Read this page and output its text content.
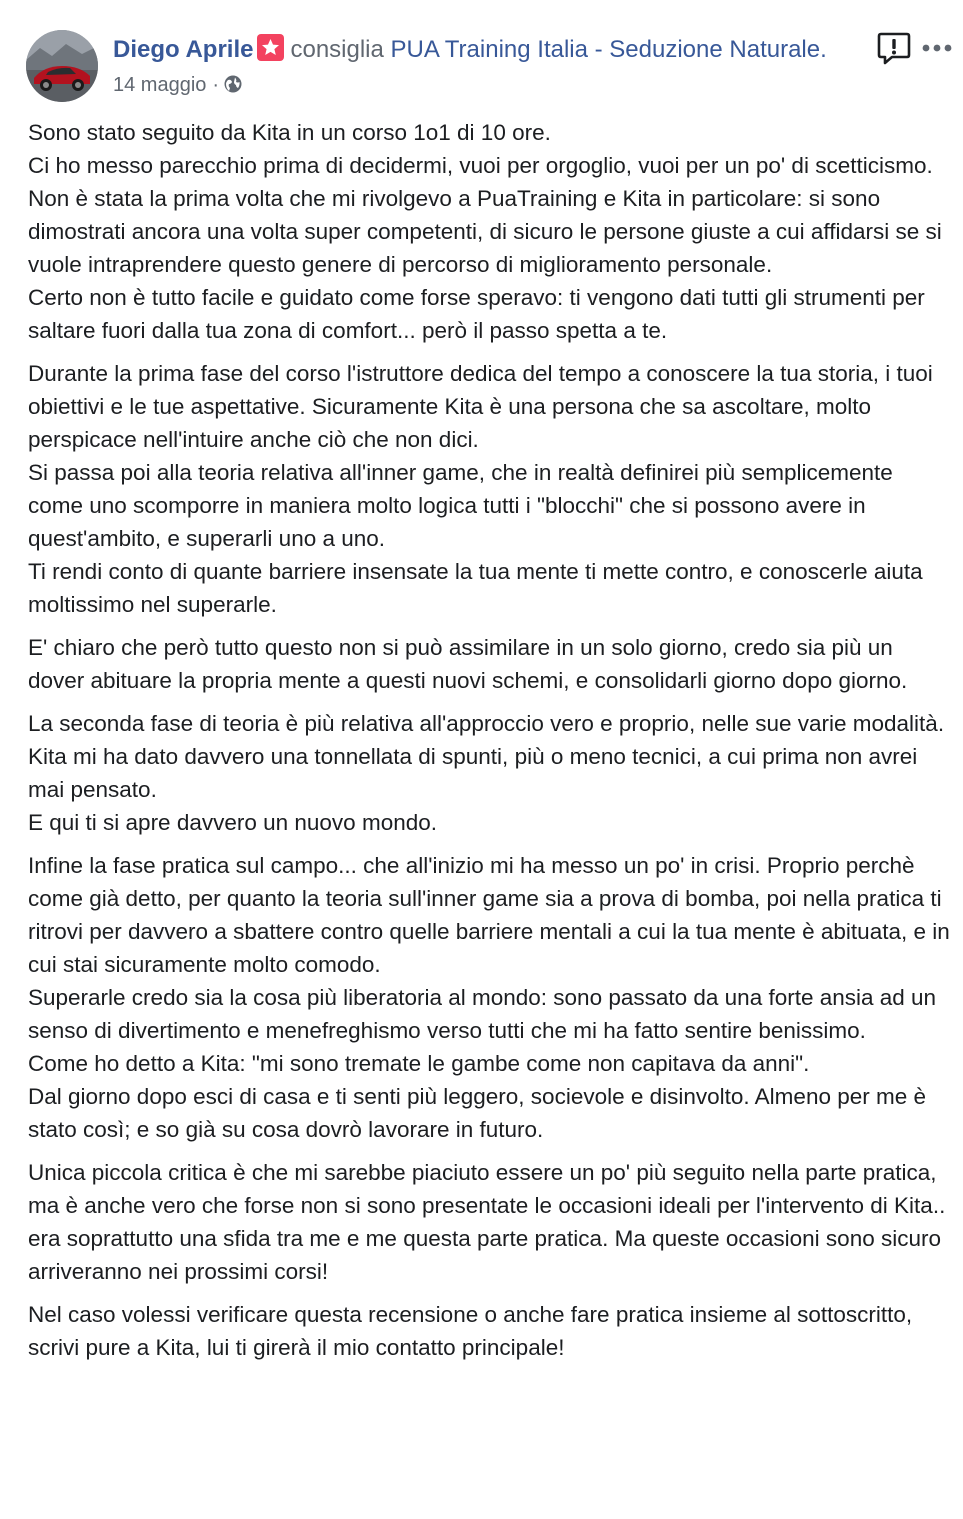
Diego Aprile consiglia PUA Training Italia - Seduzione Naturale.
14 maggio ·

Sono stato seguito da Kita in un corso 1o1 di 10 ore.
Ci ho messo parecchio prima di decidermi, vuoi per orgoglio, vuoi per un po' di scetticismo.
Non è stata la prima volta che mi rivolgevo a PuaTraining e Kita in particolare: si sono dimostrati ancora una volta super competenti, di sicuro le persone giuste a cui affidarsi se si vuole intraprendere questo genere di percorso di miglioramento personale.
Certo non è tutto facile e guidato come forse speravo: ti vengono dati tutti gli strumenti per saltare fuori dalla tua zona di comfort... però il passo spetta a te.

Durante la prima fase del corso l'istruttore dedica del tempo a conoscere la tua storia, i tuoi obiettivi e le tue aspettative. Sicuramente Kita è una persona che sa ascoltare, molto perspicace nell'intuire anche ciò che non dici.
Si passa poi alla teoria relativa all'inner game, che in realtà definirei più semplicemente come uno scomporre in maniera molto logica tutti i "blocchi" che si possono avere in quest'ambito, e superarli uno a uno.
Ti rendi conto di quante barriere insensate la tua mente ti mette contro, e conoscerle aiuta moltissimo nel superarle.

E' chiaro che però tutto questo non si può assimilare in un solo giorno, credo sia più un dover abituare la propria mente a questi nuovi schemi, e consolidarli giorno dopo giorno.

La seconda fase di teoria è più relativa all'approccio vero e proprio, nelle sue varie modalità. Kita mi ha dato davvero una tonnellata di spunti, più o meno tecnici, a cui prima non avrei mai pensato.
E qui ti si apre davvero un nuovo mondo.

Infine la fase pratica sul campo... che all'inizio mi ha messo un po' in crisi. Proprio perchè come già detto, per quanto la teoria sull'inner game sia a prova di bomba, poi nella pratica ti ritrovi per davvero a sbattere contro quelle barriere mentali a cui la tua mente è abituata, e in cui stai sicuramente molto comodo.
Superarle credo sia la cosa più liberatoria al mondo: sono passato da una forte ansia ad un senso di divertimento e menefreghismo verso tutti che mi ha fatto sentire benissimo.
Come ho detto a Kita: "mi sono tremate le gambe come non capitava da anni".
Dal giorno dopo esci di casa e ti senti più leggero, socievole e disinvolto. Almeno per me è stato così; e so già su cosa dovrò lavorare in futuro.

Unica piccola critica è che mi sarebbe piaciuto essere un po' più seguito nella parte pratica, ma è anche vero che forse non si sono presentate le occasioni ideali per l'intervento di Kita.. era soprattutto una sfida tra me e me questa parte pratica. Ma queste occasioni sono sicuro arriveranno nei prossimi corsi!

Nel caso volessi verificare questa recensione o anche fare pratica insieme al sottoscritto, scrivi pure a Kita, lui ti girerà il mio contatto principale!
